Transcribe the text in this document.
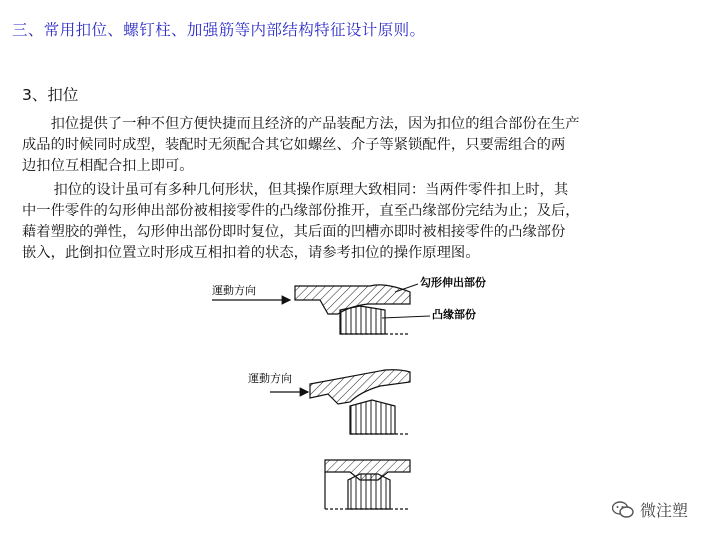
三、常用扣位、螺钉柱、加强筋等内部结构特征设计原则。
3、扣位

扣位提供了一种不但方便快捷而且经济的产品装配方法，因为扣位的组合部份在生产
成品的时候同时成型，装配时无须配合其它如螺丝、介子等紧锁配件，只要需组合的两
边扣位互相配合扣上即可。

扣位的设计虽可有多种几何形状，但其操作原理大致相同：当两件零件扣上时，其
中一件零件的勾形伸出部份被相接零件的凸缘部份推开，直至凸缘部份完结为止；及后，
藉着塑胶的弹性，勾形伸出部份即时复位，其后面的凹槽亦即时被相接零件的凸缘部份
嵌入，此倒扣位置立时形成互相扣着的状态，请参考扣位的操作原理图。

運動方向
勾形伸出部份
凸缘部份
運動方向
微注塑
